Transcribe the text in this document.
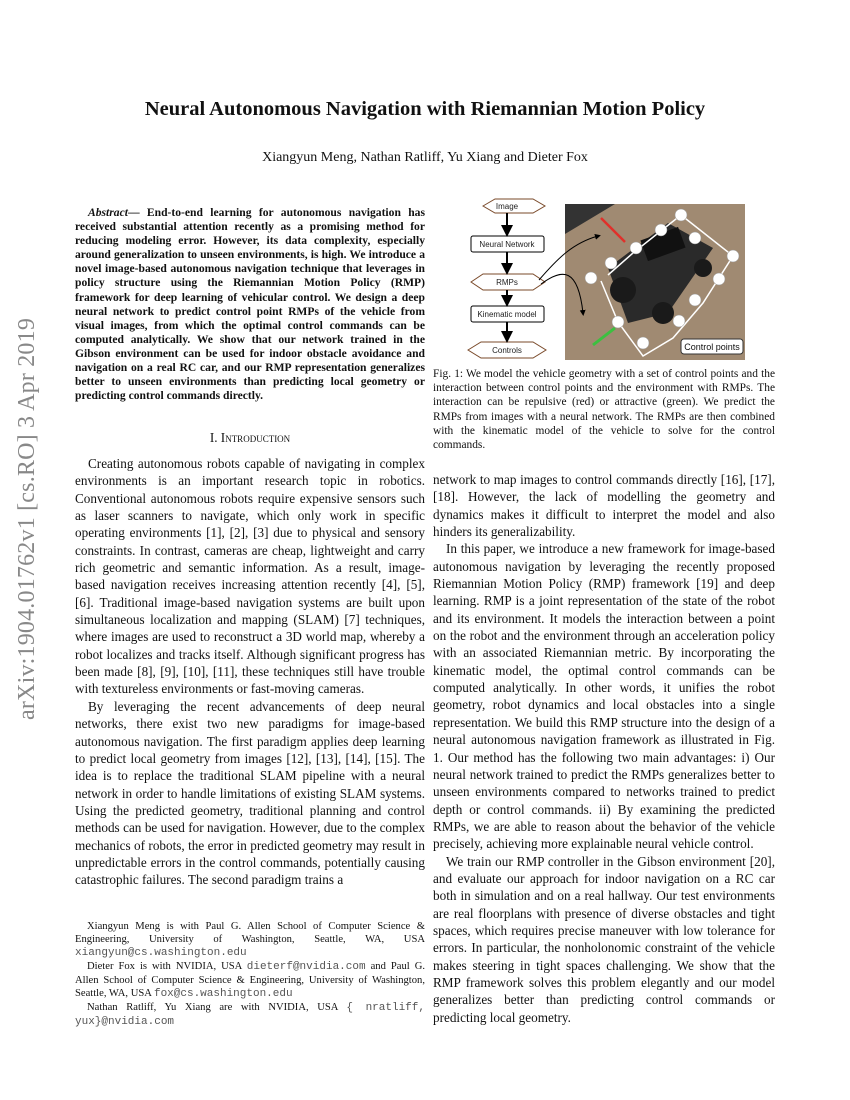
Neural Autonomous Navigation with Riemannian Motion Policy
Xiangyun Meng, Nathan Ratliff, Yu Xiang and Dieter Fox
arXiv:1904.01762v1 [cs.RO] 3 Apr 2019
Abstract— End-to-end learning for autonomous navigation has received substantial attention recently as a promising method for reducing modeling error. However, its data complexity, especially around generalization to unseen environments, is high. We introduce a novel image-based autonomous navigation technique that leverages in policy structure using the Riemannian Motion Policy (RMP) framework for deep learning of vehicular control. We design a deep neural network to predict control point RMPs of the vehicle from visual images, from which the optimal control commands can be computed analytically. We show that our network trained in the Gibson environment can be used for indoor obstacle avoidance and navigation on a real RC car, and our RMP representation generalizes better to unseen environments than predicting local geometry or predicting control commands directly.
I. Introduction

Creating autonomous robots capable of navigating in complex environments is an important research topic in robotics. Conventional autonomous robots require expensive sensors such as laser scanners to navigate, which only work in specific operating environments [1], [2], [3] due to physical and sensory constraints. In contrast, cameras are cheap, lightweight and carry rich geometric and semantic information. As a result, image-based navigation receives increasing attention recently [4], [5], [6]. Traditional image-based navigation systems are built upon simultaneous localization and mapping (SLAM) [7] techniques, where images are used to reconstruct a 3D world map, whereby a robot localizes and tracks itself. Although significant progress has been made [8], [9], [10], [11], these techniques still have trouble with textureless environments or fast-moving cameras.

By leveraging the recent advancements of deep neural networks, there exist two new paradigms for image-based autonomous navigation. The first paradigm applies deep learning to predict local geometry from images [12], [13], [14], [15]. The idea is to replace the traditional SLAM pipeline with a neural network in order to handle limitations of existing SLAM systems. Using the predicted geometry, traditional planning and control methods can be used for navigation. However, due to the complex mechanics of robots, the error in predicted geometry may result in unpredictable errors in the control commands, potentially causing catastrophic failures. The second paradigm trains a

Xiangyun Meng is with Paul G. Allen School of Computer Science & Engineering, University of Washington, Seattle, WA, USA xiangyun@cs.washington.edu

Dieter Fox is with NVIDIA, USA dieterf@nvidia.com and Paul G. Allen School of Computer Science & Engineering, University of Washington, Seattle, WA, USA fox@cs.washington.edu

Nathan Ratliff, Yu Xiang are with NVIDIA, USA { nratliff, yux}@nvidia.com

Image
Neural Network
RMPs
Kinematic model
Controls	Control points
Fig. 1: We model the vehicle geometry with a set of control points and the interaction between control points and the environment with RMPs. The interaction can be repulsive (red) or attractive (green). We predict the RMPs from images with a neural network. The RMPs are then combined with the kinematic model of the vehicle to solve for the control commands.

network to map images to control commands directly [16], [17], [18]. However, the lack of modelling the geometry and dynamics makes it difficult to interpret the model and also hinders its generalizability.

In this paper, we introduce a new framework for image-based autonomous navigation by leveraging the recently proposed Riemannian Motion Policy (RMP) framework [19] and deep learning. RMP is a joint representation of the state of the robot and its environment. It models the interaction between a point on the robot and the environment through an acceleration policy with an associated Riemannian metric. By incorporating the kinematic model, the optimal control commands can be computed analytically. In other words, it unifies the robot geometry, robot dynamics and local obstacles into a single representation. We build this RMP structure into the design of a neural autonomous navigation framework as illustrated in Fig. 1. Our method has the following two main advantages: i) Our neural network trained to predict the RMPs generalizes better to unseen environments compared to networks trained to predict depth or control commands. ii) By examining the predicted RMPs, we are able to reason about the behavior of the vehicle precisely, achieving more explainable neural vehicle control.

We train our RMP controller in the Gibson environment [20], and evaluate our approach for indoor navigation on a RC car both in simulation and on a real hallway. Our test environments are real floorplans with presence of diverse obstacles and tight spaces, which requires precise maneuver with low tolerance for errors. In particular, the nonholonomic constraint of the vehicle makes steering in tight spaces challenging. We show that the RMP framework solves this problem elegantly and our model generalizes better than predicting control commands or predicting local geometry.
